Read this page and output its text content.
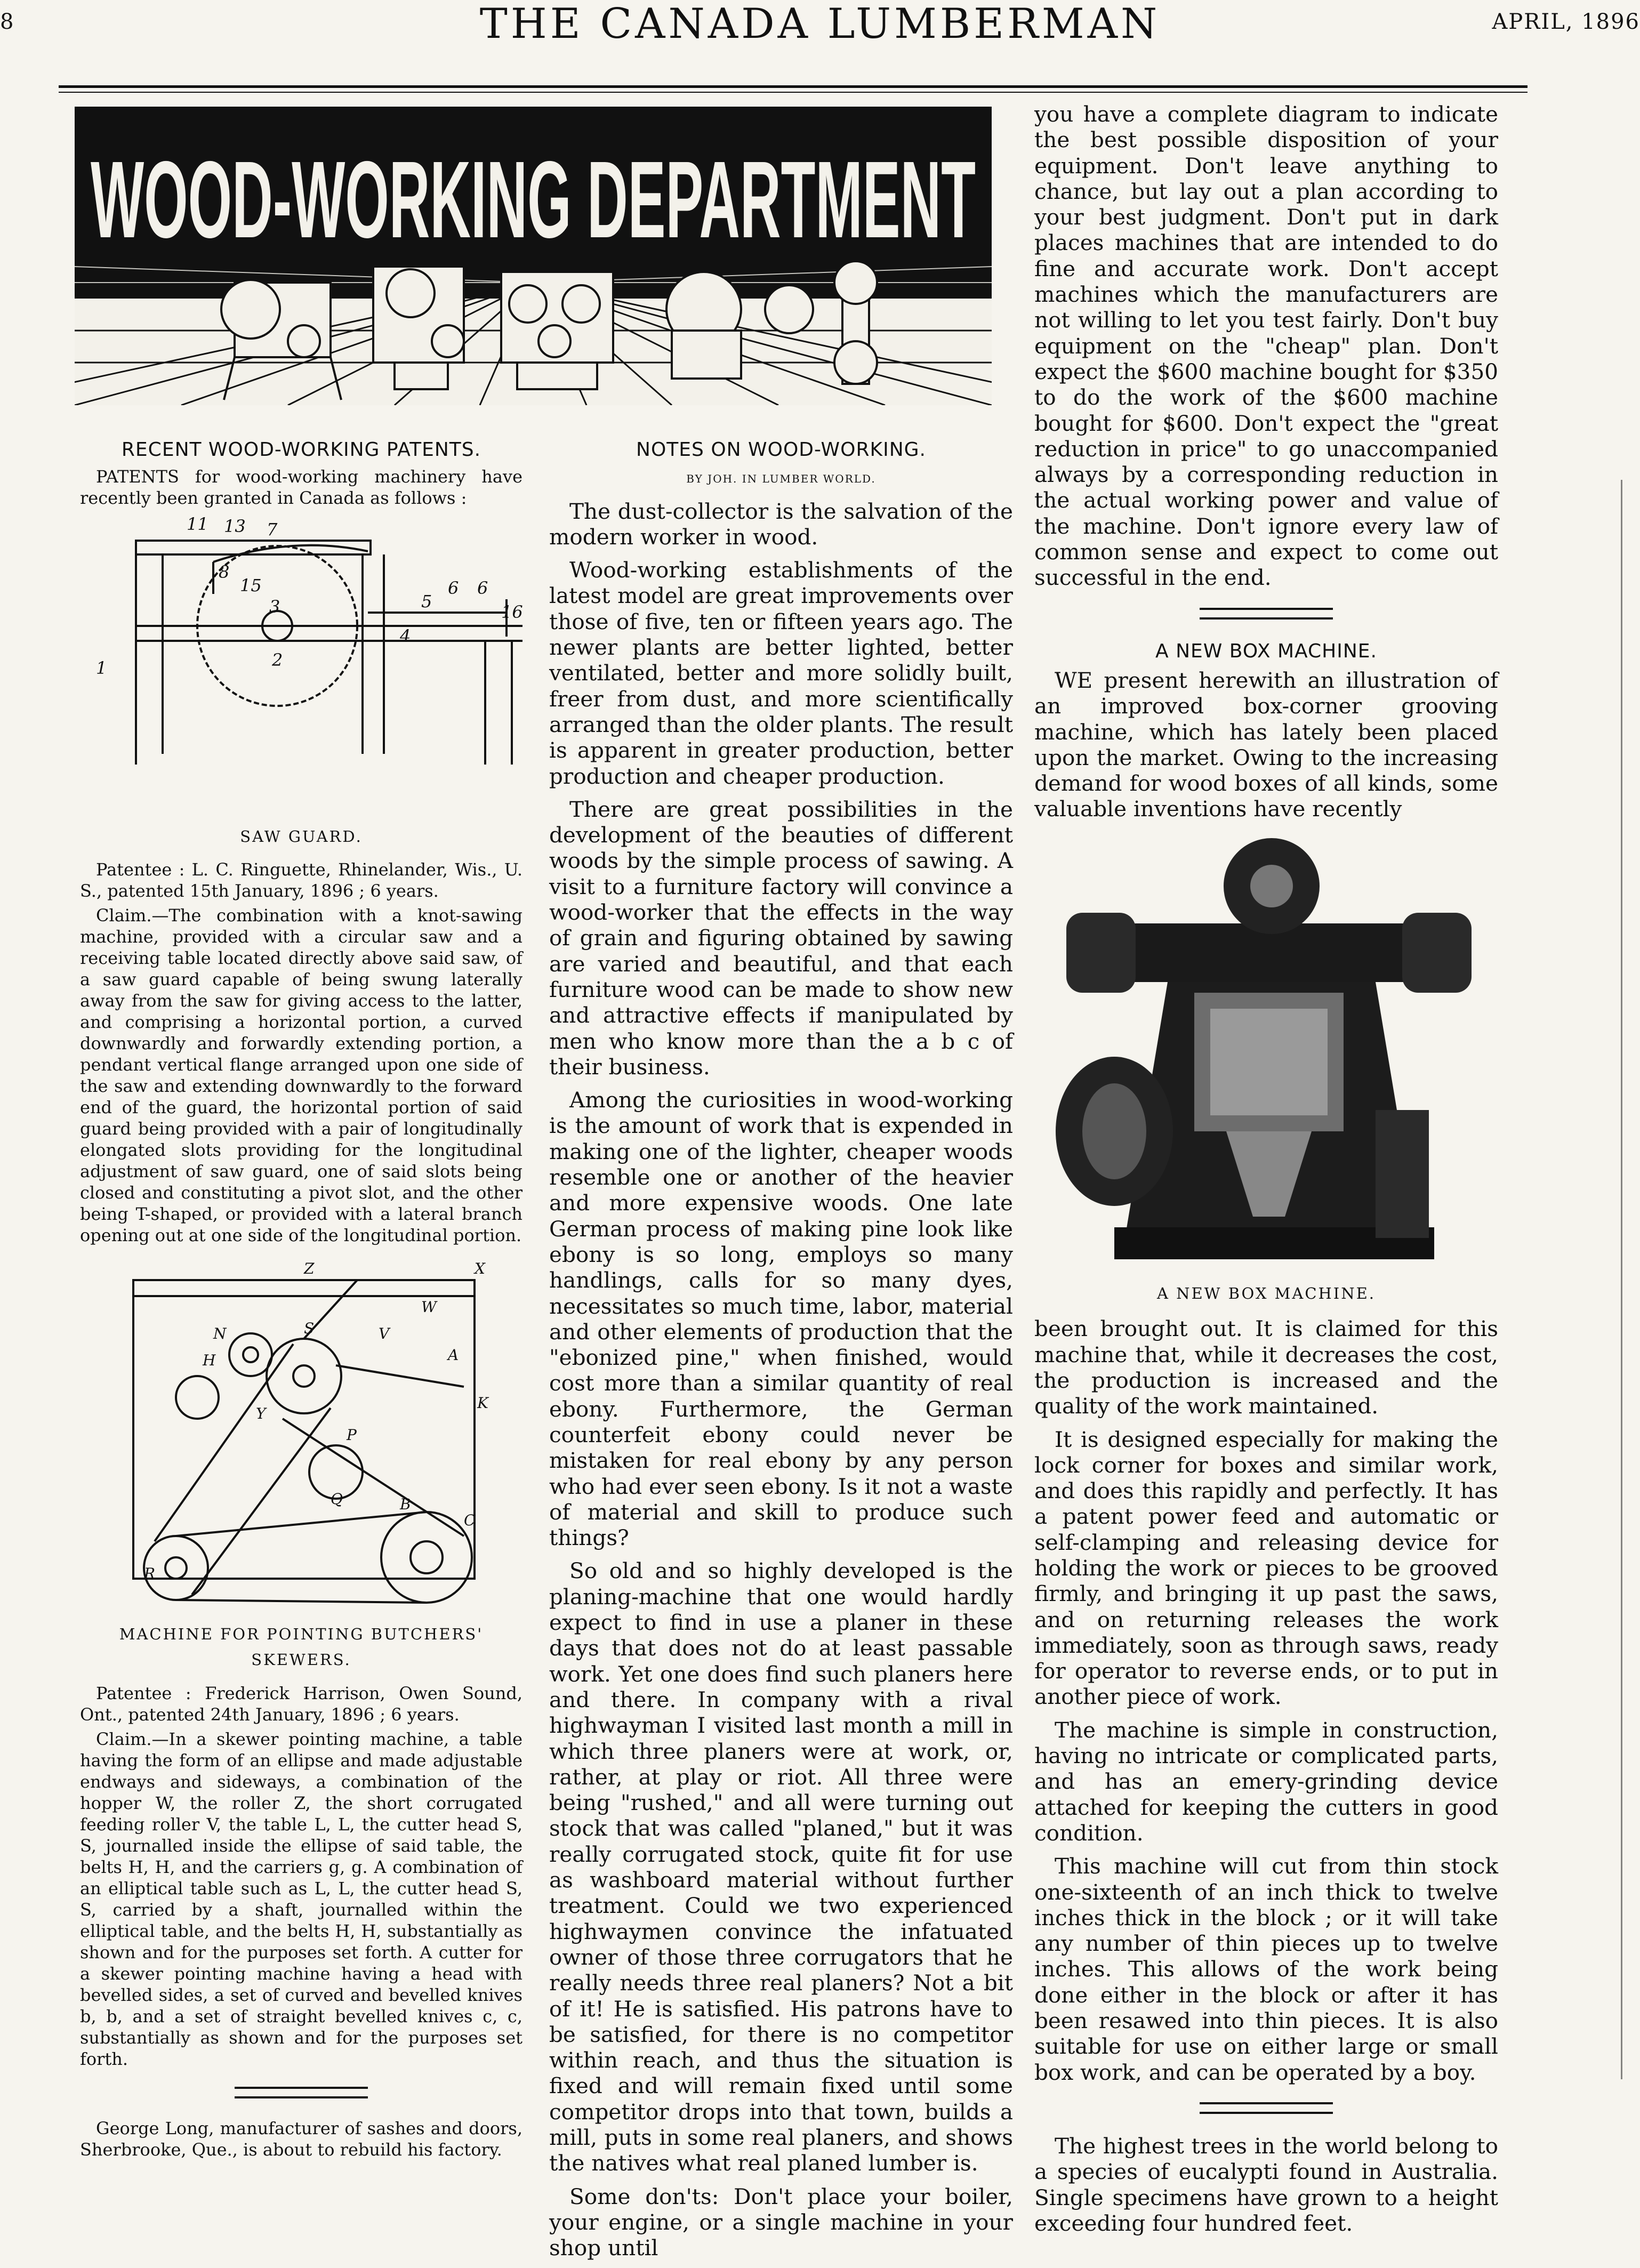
8	THE CANADA LUMBERMAN	APRIL, 1896
WOOD-WORKING DEPARTMENT
RECENT WOOD-WORKING PATENTS.

PATENTS for wood-working machinery have recently been granted in Canada as follows :

11 13 7
6
8
15
3	5
6
16
4
1	2
SAW GUARD.

Patentee : L. C. Ringuette, Rhinelander, Wis., U. S., patented 15th January, 1896 ; 6 years.

Claim.—The combination with a knot-sawing machine, provided with a circular saw and a receiving table located directly above said saw, of a saw guard capable of being swung laterally away from the saw for giving access to the latter, and comprising a horizontal portion, a curved downwardly and forwardly extending portion, a pendant vertical flange arranged upon one side of the saw and extending downwardly to the forward end of the guard, the horizontal portion of said guard being provided with a pair of longitudinally elongated slots providing for the longitudinal adjustment of saw guard, one of said slots being closed and constituting a pivot slot, and the other being T-shaped, or provided with a lateral branch opening out at one side of the longitudinal portion.

Z	X
Y
A
N
K
P
Q
C
B
R
V
H
S
W
MACHINE FOR POINTING BUTCHERS' SKEWERS.

Patentee : Frederick Harrison, Owen Sound, Ont., patented 24th January, 1896 ; 6 years.

Claim.—In a skewer pointing machine, a table having the form of an ellipse and made adjustable endways and sideways, a combination of the hopper W, the roller Z, the short corrugated feeding roller V, the table L, L, the cutter head S, S, journalled inside the ellipse of said table, the belts H, H, and the carriers g, g. A combination of an elliptical table such as L, L, the cutter head S, S, carried by a shaft, journalled within the elliptical table, and the belts H, H, substantially as shown and for the purposes set forth. A cutter for a skewer pointing machine having a head with bevelled sides, a set of curved and bevelled knives b, b, and a set of straight bevelled knives c, c, substantially as shown and for the purposes set forth.

George Long, manufacturer of sashes and doors, Sherbrooke, Que., is about to rebuild his factory.

NOTES ON WOOD-WORKING.
BY JOH. IN LUMBER WORLD.

The dust-collector is the salvation of the modern worker in wood.

Wood-working establishments of the latest model are great improvements over those of five, ten or fifteen years ago. The newer plants are better lighted, better ventilated, better and more solidly built, freer from dust, and more scientifically arranged than the older plants. The result is apparent in greater production, better production and cheaper production.

There are great possibilities in the development of the beauties of different woods by the simple process of sawing. A visit to a furniture factory will convince a wood-worker that the effects in the way of grain and figuring obtained by sawing are varied and beautiful, and that each furniture wood can be made to show new and attractive effects if manipulated by men who know more than the a b c of their business.

Among the curiosities in wood-working is the amount of work that is expended in making one of the lighter, cheaper woods resemble one or another of the heavier and more expensive woods. One late German process of making pine look like ebony is so long, employs so many handlings, calls for so many dyes, necessitates so much time, labor, material and other elements of production that the "ebonized pine," when finished, would cost more than a similar quantity of real ebony. Furthermore, the German counterfeit ebony could never be mistaken for real ebony by any person who had ever seen ebony. Is it not a waste of material and skill to produce such things?

So old and so highly developed is the planing-machine that one would hardly expect to find in use a planer in these days that does not do at least passable work. Yet one does find such planers here and there. In company with a rival highwayman I visited last month a mill in which three planers were at work, or, rather, at play or riot. All three were being "rushed," and all were turning out stock that was called "planed," but it was really corrugated stock, quite fit for use as washboard material without further treatment. Could we two experienced highwaymen convince the infatuated owner of those three corrugators that he really needs three real planers? Not a bit of it! He is satisfied. His patrons have to be satisfied, for there is no competitor within reach, and thus the situation is fixed and will remain fixed until some competitor drops into that town, builds a mill, puts in some real planers, and shows the natives what real planed lumber is.

Some don'ts: Don't place your boiler, your engine, or a single machine in your shop until

you have a complete diagram to indicate the best possible disposition of your equipment. Don't leave anything to chance, but lay out a plan according to your best judgment. Don't put in dark places machines that are intended to do fine and accurate work. Don't accept machines which the manufacturers are not willing to let you test fairly. Don't buy equipment on the "cheap" plan. Don't expect the $600 machine bought for $350 to do the work of the $600 machine bought for $600. Don't expect the "great reduction in price" to go unaccompanied always by a corresponding reduction in the actual working power and value of the machine. Don't ignore every law of common sense and expect to come out successful in the end.

A NEW BOX MACHINE.

WE present herewith an illustration of an improved box-corner grooving machine, which has lately been placed upon the market. Owing to the increasing demand for wood boxes of all kinds, some valuable inventions have recently

A NEW BOX MACHINE.

been brought out. It is claimed for this machine that, while it decreases the cost, the production is increased and the quality of the work maintained.

It is designed especially for making the lock corner for boxes and similar work, and does this rapidly and perfectly. It has a patent power feed and automatic or self-clamping and releasing device for holding the work or pieces to be grooved firmly, and bringing it up past the saws, and on returning releases the work immediately, soon as through saws, ready for operator to reverse ends, or to put in another piece of work.

The machine is simple in construction, having no intricate or complicated parts, and has an emery-grinding device attached for keeping the cutters in good condition.

This machine will cut from thin stock one-sixteenth of an inch thick to twelve inches thick in the block ; or it will take any number of thin pieces up to twelve inches. This allows of the work being done either in the block or after it has been resawed into thin pieces. It is also suitable for use on either large or small box work, and can be operated by a boy.

The highest trees in the world belong to a species of eucalypti found in Australia. Single specimens have grown to a height exceeding four hundred feet.
